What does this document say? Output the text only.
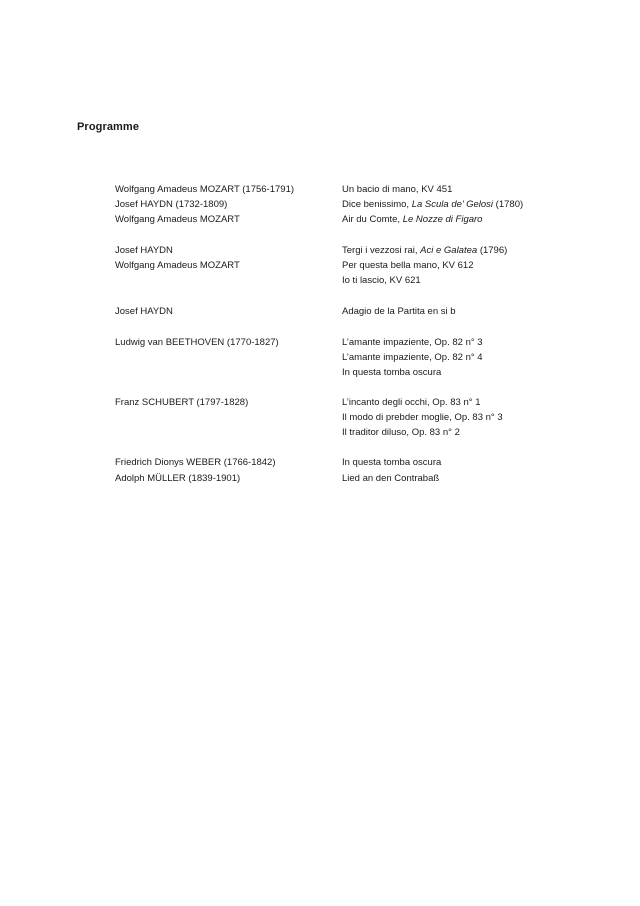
Programme
Wolfgang Amadeus MOZART (1756-1791)
Josef HAYDN (1732-1809)
Wolfgang Amadeus MOZART
Josef HAYDN
Wolfgang Amadeus MOZART
Josef HAYDN
Ludwig van BEETHOVEN (1770-1827)
Franz SCHUBERT (1797-1828)
Friedrich Dionys WEBER (1766-1842)
Adolph MÜLLER (1839-1901)
Un bacio di mano, KV 451
Dice benissimo, La Scula de’ Gelosi (1780)
Air du Comte, Le Nozze di Figaro
Tergi i vezzosi rai, Aci e Galatea (1796)
Per questa bella mano, KV 612
Io ti lascio, KV 621
Adagio de la Partita en si b
L’amante impaziente, Op. 82 n° 3
L’amante impaziente, Op. 82 n° 4
In questa tomba oscura
L’incanto degli occhi, Op. 83 n° 1
Il modo di prebder moglie, Op. 83 n° 3
Il traditor diluso, Op. 83 n° 2
In questa tomba oscura
Lied an den Contrabaß
